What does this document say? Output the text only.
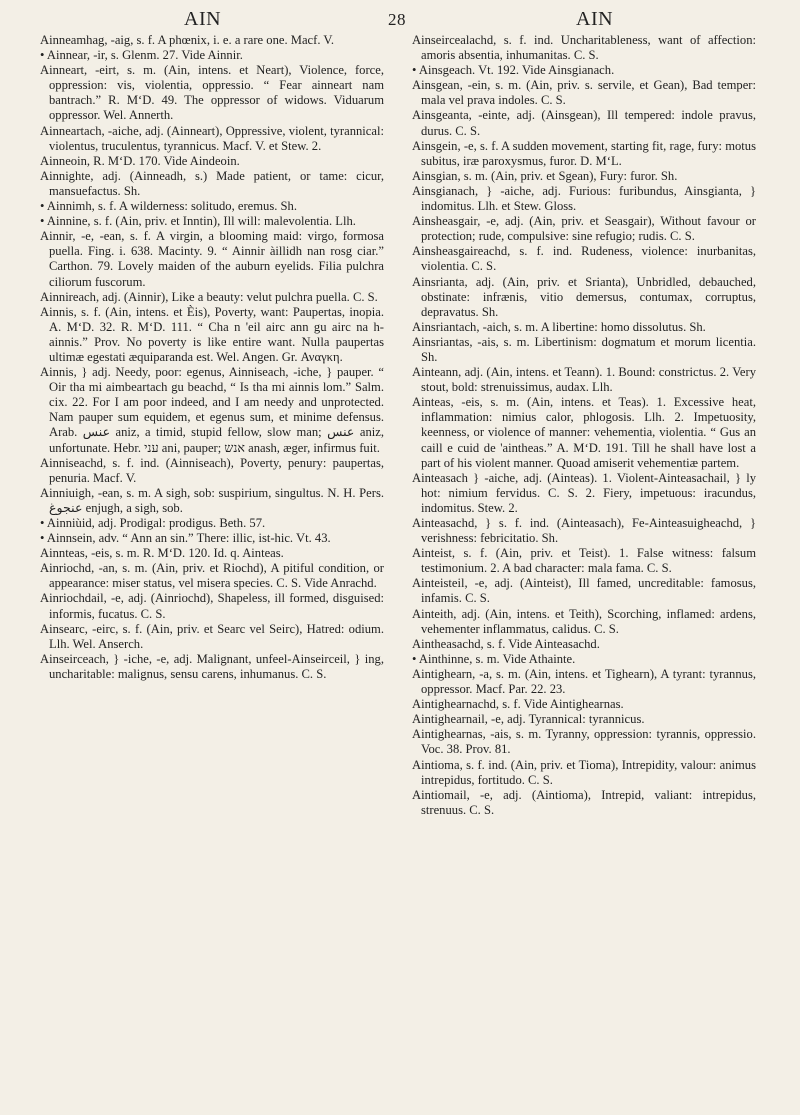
AIN	28	AIN

Ainneamhag, -aig, s. f. A phœnix, i. e. a rare one. Macf. V.

• Ainnear, -ir, s. Glenm. 27. Vide Ainnir.

Ainneart, -eirt, s. m. (Ain, intens. et Neart), Violence, force, oppression: vis, violentia, oppressio. “ Fear ainneart nam bantrach.” R. M‘D. 49. The oppressor of widows. Viduarum oppressor. Wel. Annerth.

Ainneartach, -aiche, adj. (Ainneart), Oppressive, violent, tyrannical: violentus, truculentus, tyrannicus. Macf. V. et Stew. 2.

Ainneoin, R. M‘D. 170. Vide Aindeoin.

Ainnighte, adj. (Ainneadh, s.) Made patient, or tame: cicur, mansuefactus. Sh.

• Ainnimh, s. f. A wilderness: solitudo, eremus. Sh.

• Ainnine, s. f. (Ain, priv. et Inntin), Ill will: malevolentia. Llh.

Ainnir, -e, -ean, s. f. A virgin, a blooming maid: virgo, formosa puella. Fing. i. 638. Macinty. 9. “ Ainnir àillidh nan rosg ciar.” Carthon. 79. Lovely maiden of the auburn eyelids. Filia pulchra ciliorum fuscorum.

Ainnireach, adj. (Ainnir), Like a beauty: velut pulchra puella. C. S.

Ainnis, s. f. (Ain, intens. et Èis), Poverty, want: Paupertas, inopia. A. M‘D. 32. R. M‘D. 111. “ Cha n 'eil airc ann gu airc na h-ainnis.” Prov. No poverty is like entire want. Nulla paupertas ultimæ egestati æquiparanda est. Wel. Angen. Gr. Αναγκη.

Ainnis, } adj. Needy, poor: egenus, Ainniseach, -iche, } pauper. “ Oir tha mi aimbeartach gu beachd, “ Is tha mi ainnis lom.” Salm. cix. 22. For I am poor indeed, and I am needy and unprotected. Nam pauper sum equidem, et egenus sum, et minime defensus. Arab. عنس aniz, a timid, stupid fellow, slow man; عنس aniz, unfortunate. Hebr. עני ani, pauper; אנש anash, æger, infirmus fuit.

Ainniseachd, s. f. ind. (Ainniseach), Poverty, penury: paupertas, penuria. Macf. V.

Ainniuigh, -ean, s. m. A sigh, sob: suspirium, singultus. N. H. Pers. عنجوغ enjugh, a sigh, sob.

• Ainniùid, adj. Prodigal: prodigus. Beth. 57.

• Ainnsein, adv. “ Ann an sin.” There: illic, ist-hic. Vt. 43.

Ainnteas, -eis, s. m. R. M‘D. 120. Id. q. Ainteas.

Ainriochd, -an, s. m. (Ain, priv. et Riochd), A pitiful condition, or appearance: miser status, vel misera species. C. S. Vide Anrachd.

Ainriochdail, -e, adj. (Ainriochd), Shapeless, ill formed, disguised: informis, fucatus. C. S.

Ainsearc, -eirc, s. f. (Ain, priv. et Searc vel Seirc), Hatred: odium. Llh. Wel. Anserch.

Ainseirceach, } -iche, -e, adj. Malignant, unfeel-Ainseirceil, } ing, uncharitable: malignus, sensu carens, inhumanus. C. S.

Ainseircealachd, s. f. ind. Uncharitableness, want of affection: amoris absentia, inhumanitas. C. S.

• Ainsgeach. Vt. 192. Vide Ainsgianach.

Ainsgean, -ein, s. m. (Ain, priv. s. servile, et Gean), Bad temper: mala vel prava indoles. C. S.

Ainsgeanta, -einte, adj. (Ainsgean), Ill tempered: indole pravus, durus. C. S.

Ainsgein, -e, s. f. A sudden movement, starting fit, rage, fury: motus subitus, iræ paroxysmus, furor. D. M‘L.

Ainsgian, s. m. (Ain, priv. et Sgean), Fury: furor. Sh.

Ainsgianach, } -aiche, adj. Furious: furibundus, Ainsgianta, } indomitus. Llh. et Stew. Gloss.

Ainsheasgair, -e, adj. (Ain, priv. et Seasgair), Without favour or protection; rude, compulsive: sine refugio; rudis. C. S.

Ainsheasgaireachd, s. f. ind. Rudeness, violence: inurbanitas, violentia. C. S.

Ainsrianta, adj. (Ain, priv. et Srianta), Unbridled, debauched, obstinate: infrænis, vitio demersus, contumax, corruptus, depravatus. Sh.

Ainsriantach, -aich, s. m. A libertine: homo dissolutus. Sh.

Ainsriantas, -ais, s. m. Libertinism: dogmatum et morum licentia. Sh.

Ainteann, adj. (Ain, intens. et Teann). 1. Bound: constrictus. 2. Very stout, bold: strenuissimus, audax. Llh.

Ainteas, -eis, s. m. (Ain, intens. et Teas). 1. Excessive heat, inflammation: nimius calor, phlogosis. Llh. 2. Impetuosity, keenness, or violence of manner: vehementia, violentia. “ Gus an caill e cuid de 'aintheas.” A. M‘D. 191. Till he shall have lost a part of his violent manner. Quoad amiserit vehementiæ partem.

Ainteasach } -aiche, adj. (Ainteas). 1. Violent-Ainteasachail, } ly hot: nimium fervidus. C. S. 2. Fiery, impetuous: iracundus, indomitus. Stew. 2.

Ainteasachd, } s. f. ind. (Ainteasach), Fe-Ainteasuigheachd, } verishness: febricitatio. Sh.

Ainteist, s. f. (Ain, priv. et Teist). 1. False witness: falsum testimonium. 2. A bad character: mala fama. C. S.

Ainteisteil, -e, adj. (Ainteist), Ill famed, uncreditable: famosus, infamis. C. S.

Ainteith, adj. (Ain, intens. et Teith), Scorching, inflamed: ardens, vehementer inflammatus, calidus. C. S.

Aintheasachd, s. f. Vide Ainteasachd.

• Ainthinne, s. m. Vide Athainte.

Aintighearn, -a, s. m. (Ain, intens. et Tighearn), A tyrant: tyrannus, oppressor. Macf. Par. 22. 23.

Aintighearnachd, s. f. Vide Aintighearnas.

Aintighearnail, -e, adj. Tyrannical: tyrannicus.

Aintighearnas, -ais, s. m. Tyranny, oppression: tyrannis, oppressio. Voc. 38. Prov. 81.

Aintioma, s. f. ind. (Ain, priv. et Tioma), Intrepidity, valour: animus intrepidus, fortitudo. C. S.

Aintiomail, -e, adj. (Aintioma), Intrepid, valiant: intrepidus, strenuus. C. S.
